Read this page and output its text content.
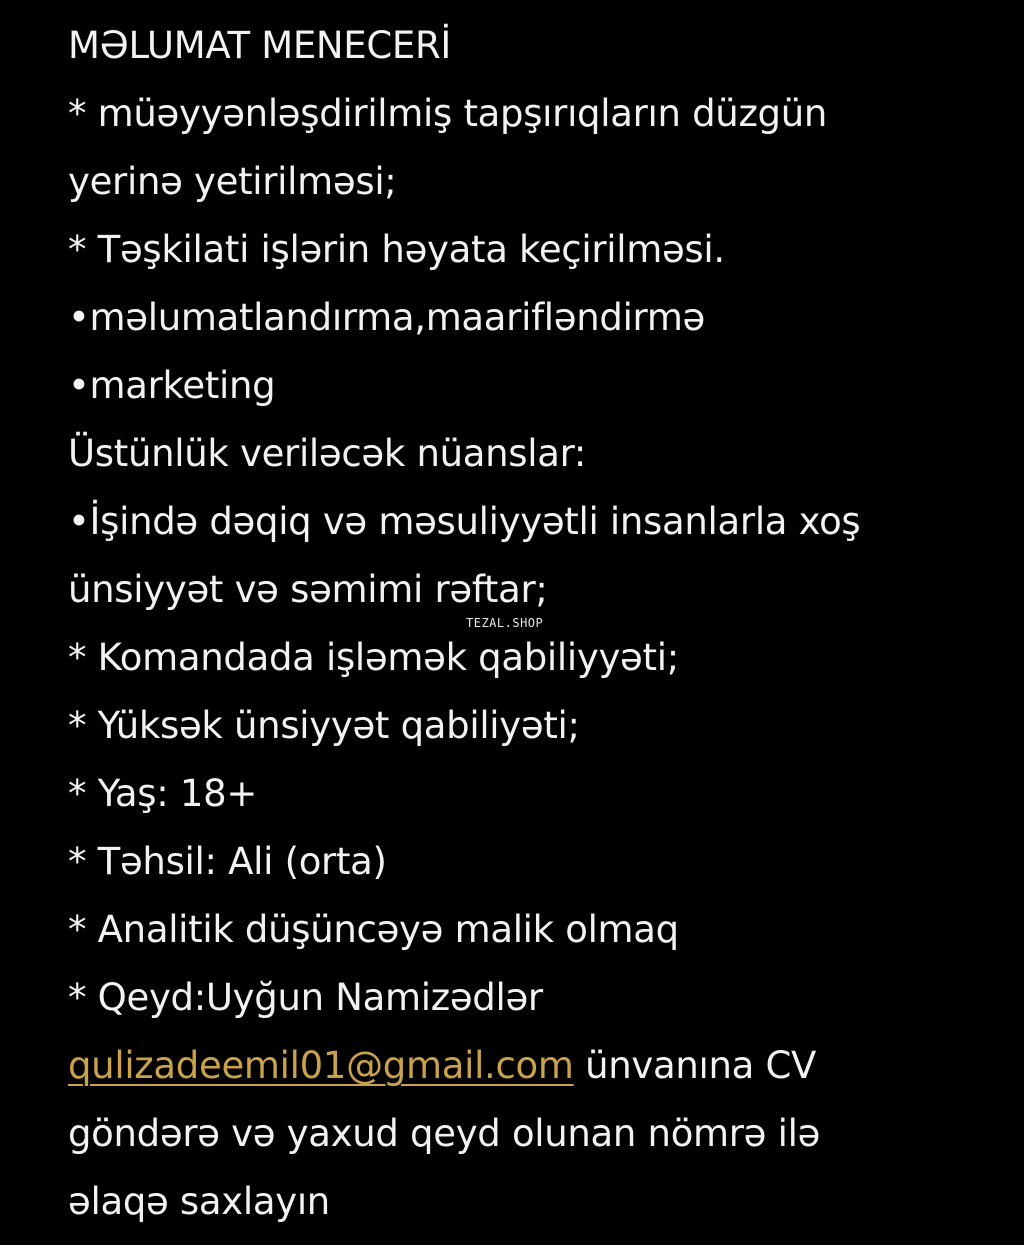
MƏLUMAT MENECERİ
* müəyyənləşdirilmiş tapşırıqların düzgün
yerinə yetirilməsi;
* Təşkilati işlərin həyata keçirilməsi.
•məlumatlandırma,maarifləndirmə
•marketing
Üstünlük veriləcək nüanslar:
•İşində dəqiq və məsuliyyətli insanlarla xoş
ünsiyyət və səmimi rəftar;
* Komandada işləmək qabiliyyəti;
* Yüksək ünsiyyət qabiliyəti;
* Yaş: 18+
* Təhsil: Ali (orta)
* Analitik düşüncəyə malik olmaq
* Qeyd:Uyğun Namizədlər
qulizadeemil01@gmail.com ünvanına CV
göndərə və yaxud qeyd olunan nömrə ilə
əlaqə saxlayın
TEZAL.SHOP
